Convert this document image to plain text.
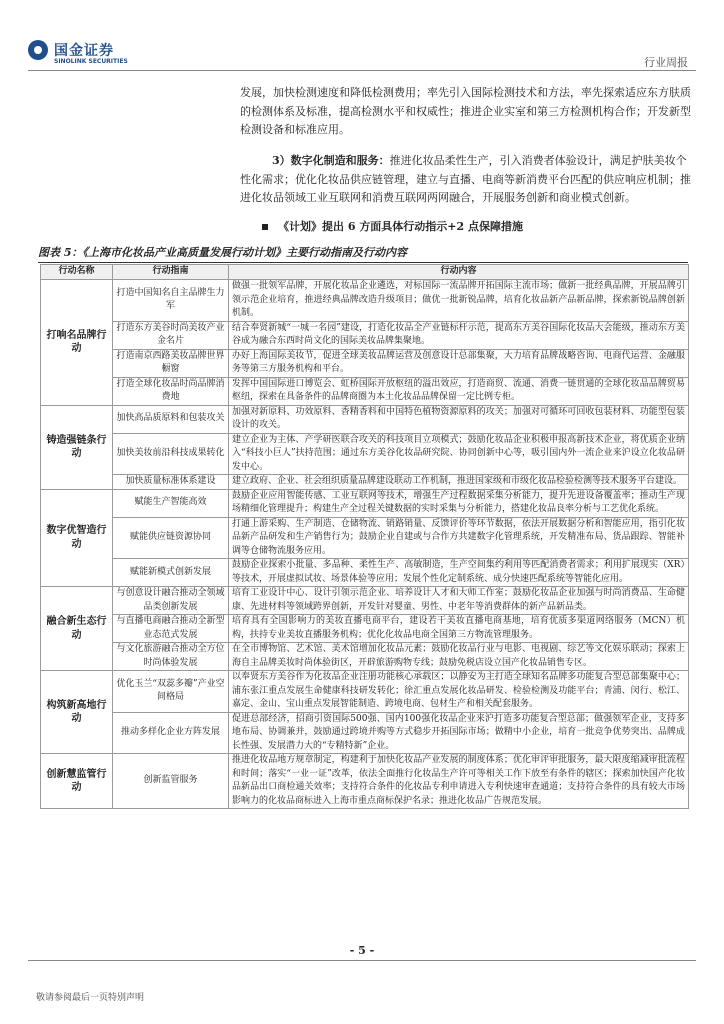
国金证券
SINOLINK SECURITIES	行业周报
发展，加快检测速度和降低检测费用；率先引入国际检测技术和方法，率先探索适应东方肤质的检测体系及标准，提高检测水平和权威性；推进企业实室和第三方检测机构合作；开发新型检测设备和标准应用。
3）数字化制造和服务：推进化妆品柔性生产，引入消费者体验设计，满足护肤美妆个性化需求；优化化妆品供应链管理，建立与直播、电商等新消费平台匹配的供应响应机制；推进化妆品领域工业互联网和消费互联网两网融合，开展服务创新和商业模式创新。
《计划》提出 6 方面具体行动指示+2 点保障措施
图表 5：《上海市化妆品产业高质量发展行动计划》主要行动指南及行动内容
行动名称	行动指南	行动内容
打响名品牌行动	打造中国知名自主品牌生力军	做强一批领军品牌，开展化妆品企业遴选，对标国际一流品牌开拓国际主流市场；做新一批经典品牌，开展品牌引领示范企业培育，推进经典品牌改造升级项目；做优一批新锐品牌，培育化妆品新产品新品牌，探索新锐品牌创新机制。
	打造东方美谷时尚美妆产业金名片	结合奉贤新城“一城一名园”建设，打造化妆品全产业链标杆示范，提高东方美谷国际化妆品大会能级，推动东方美谷成为融合东西时尚文化的国际美妆品牌集聚地。
	打造南京西路美妆品牌世界橱窗	办好上海国际美妆节，促进全球美妆品牌运营及创意设计总部集聚，大力培育品牌战略咨询、电商代运营、金融服务等第三方服务机构和平台。
	打造全球化妆品时尚品牌消费地	发挥中国国际进口博览会、虹桥国际开放枢纽的溢出效应，打造商贸、流通、消费一链贯通的全球化妆品品牌贸易枢纽，探索在具备条件的品牌商圈为本土化妆品品牌保留一定比例专柜。
铸造强链条行动	加快高品质原料和包装攻关	加强对新原料、功效原料、香精香料和中国特色植物资源原料的攻关；加强对可循环可回收包装材料、功能型包装设计的攻关。
	加快美妆前沿科技成果转化	建立企业为主体、产学研医联合攻关的科技项目立项模式；鼓励化妆品企业积极申报高新技术企业，将优质企业纳入“科技小巨人”扶持范围；通过东方美谷化妆品研究院、协同创新中心等，吸引国内外一流企业来沪设立化妆品研发中心。
	加快质量标准体系建设	建立政府、企业、社会组织质量品牌建设联动工作机制，推进国家级和市级化妆品检验检测等技术服务平台建设。
数字优智造行动	赋能生产智能高效	鼓励企业应用智能传感、工业互联网等技术，增强生产过程数据采集分析能力，提升先进设备覆盖率；推动生产现场精细化管理提升；构建生产全过程关键数据的实时采集与分析能力，搭建化妆品良率分析与工艺优化系统。
	赋能供应链资源协同	打通上游采购、生产制造、仓储物流、销路销量、反馈评价等环节数据，依法开展数据分析和智能应用，指引化妆品新产品研发和生产销售行为；鼓励企业自建或与合作方共建数字化管理系统，开发精准布局、货品跟踪、智能补调等仓储物流服务应用。
	赋能新模式创新发展	鼓励企业探索小批量、多品种、柔性生产、高敏制造，生产空间集约利用等匹配消费者需求；利用扩展现实（XR）等技术，开展虚拟试妆、场景体验等应用；发展个性化定制系统、成分快速匹配系统等智能化应用。
融合新生态行动	与创意设计融合推动全领域品类创新发展	培育工业设计中心、设计引领示范企业、培养设计人才和大师工作室；鼓励化妆品企业加强与时尚消费品、生命健康、先进材料等领域跨界创新，开发针对婴童、男性、中老年等消费群体的新产品新品类。
	与直播电商融合推动全新型业态范式发展	培育具有全国影响力的美妆直播电商平台，建设若干美妆直播电商基地，培育优质多渠道网络服务（MCN）机构，扶持专业美妆直播服务机构；优化化妆品电商全国第三方物流管理服务。
	与文化旅游融合推动全方位时尚体验发展	在全市博物馆、艺术馆、美术馆增加化妆品元素；鼓励化妆品行业与电影、电视剧、综艺等文化娱乐联动；探索上海自主品牌美妆时尚体验街区，开辟旅游购物专线；鼓励免税店设立国产化妆品销售专区。
构筑新高地行动	优化玉兰“双蕊多瓣”产业空间格局	以奉贤东方美谷作为化妆品企业注册功能核心承载区；以静安为主打造全球知名品牌多功能复合型总部集聚中心；浦东张江重点发展生命健康科技研发转化；徐汇重点发展化妆品研发、检验检测及功能平台；青浦、闵行、松江、嘉定、金山、宝山重点发展智能制造、跨境电商、包材生产和相关配套服务。
	推动多样化企业方阵发展	促进总部经济，招商引资国际500强、国内100强化妆品企业来沪打造多功能复合型总部；做强领军企业，支持多地布局、协调兼并，鼓励通过跨境并购等方式稳步开拓国际市场；做精中小企业，培育一批竞争优势突出、品牌成长性强、发展潜力大的“专精特新”企业。
创新慧监管行动	创新监管服务	推进化妆品地方规章制定，构建利于加快化妆品产业发展的制度体系；优化审评审批服务，最大限度缩减审批流程和时间；落实“一业一证”改革，依法全面推行化妆品生产许可等相关工作下放至有条件的辖区；探索加快国产化妆品新品出口商检通关效率；支持符合条件的化妆品专利申请进入专利快速审查通道；支持符合条件的具有较大市场影响力的化妆品商标进入上海市重点商标保护名录；推进化妆品广告规范发展。
- 5 -
敬请参阅最后一页特别声明
